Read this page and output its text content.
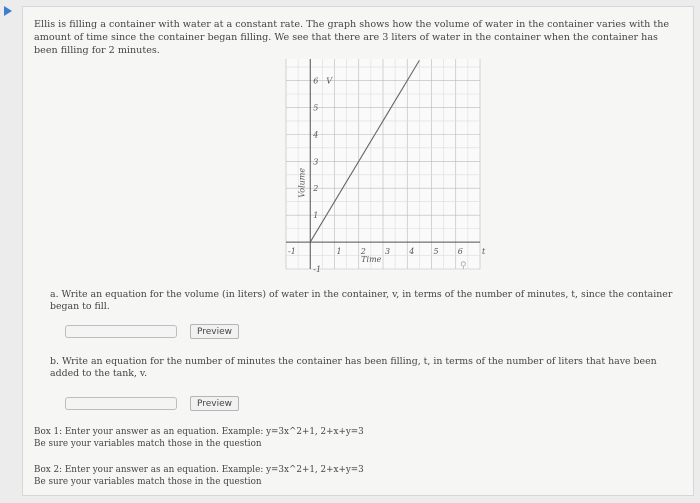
Ellis is filling a container with water at a constant rate. The graph shows how the volume of water in the container varies with the amount of time since the container began filling. We see that there are 3 liters of water in the container when the container has been filling for 2 minutes.
-1	1 2 3 4 5 6 t
-1
1
2
3
4
5
6
Volume
V
Time
⚲
a. Write an equation for the volume (in liters) of water in the container, v, in terms of the number of minutes, t, since the container began to fill.
Preview
b. Write an equation for the number of minutes the container has been filling, t, in terms of the number of liters that have been added to the tank, v.
Preview
Box 1: Enter your answer as an equation. Example: y=3x^2+1, 2+x+y=3
Be sure your variables match those in the question
Box 2: Enter your answer as an equation. Example: y=3x^2+1, 2+x+y=3
Be sure your variables match those in the question
